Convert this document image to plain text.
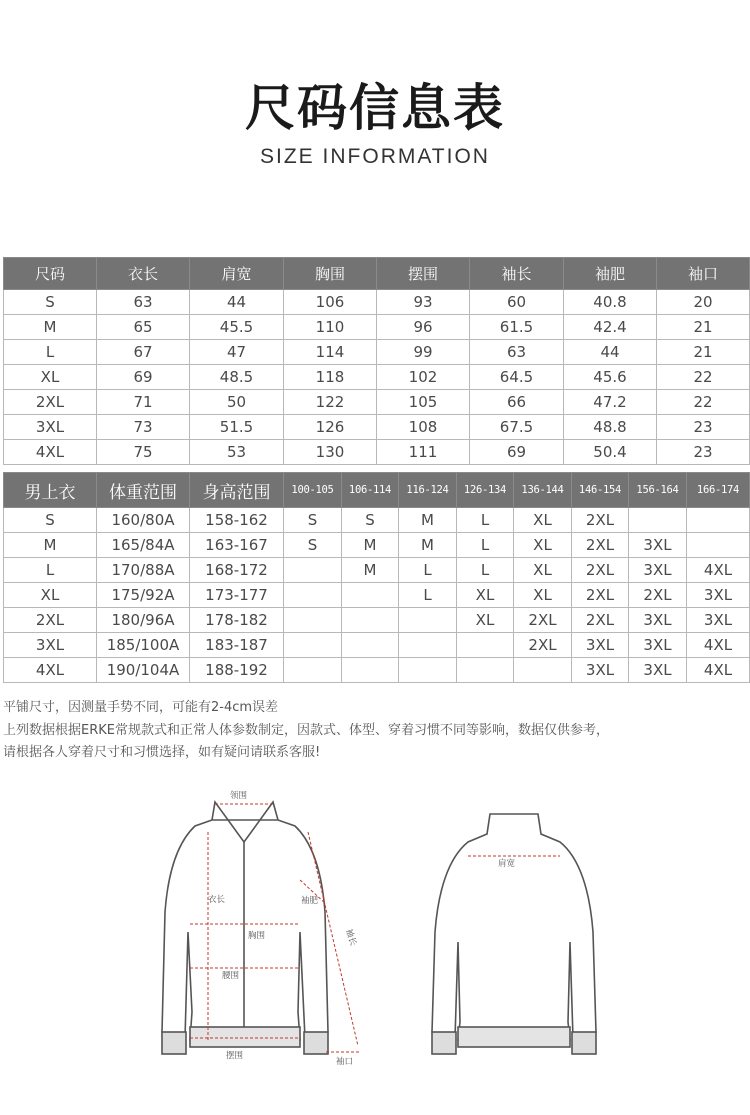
尺码信息表
SIZE INFORMATION
尺码	衣长	肩宽	胸围	摆围	袖长	袖肥	袖口
S	63	44	106	93	60	40.8	20
M	65	45.5	110	96	61.5	42.4	21
L	67	47	114	99	63	44	21
XL	69	48.5	118	102	64.5	45.6	22
2XL	71	50	122	105	66	47.2	22
3XL	73	51.5	126	108	67.5	48.8	23
4XL	75	53	130	111	69	50.4	23
男上衣	体重范围	身高范围	100-105	106-114	116-124	126-134	136-144	146-154	156-164	166-174
S	160/80A	158-162	S	S	M	L	XL	2XL		
M	165/84A	163-167	S	M	M	L	XL	2XL	3XL	
L	170/88A	168-172		M	L	L	XL	2XL	3XL	4XL
XL	175/92A	173-177			L	XL	XL	2XL	2XL	3XL
2XL	180/96A	178-182				XL	2XL	2XL	3XL	3XL
3XL	185/100A	183-187					2XL	3XL	3XL	4XL
4XL	190/104A	188-192						3XL	3XL	4XL
平铺尺寸，因测量手势不同，可能有2-4cm误差
上列数据根据ERKE常规款式和正常人体参数制定，因款式、体型、穿着习惯不同等影响，数据仅供参考，
请根据各人穿着尺寸和习惯选择，如有疑问请联系客服!
领围
衣长	袖肥
胸围	袖长
腰围
摆围
袖口
肩宽
